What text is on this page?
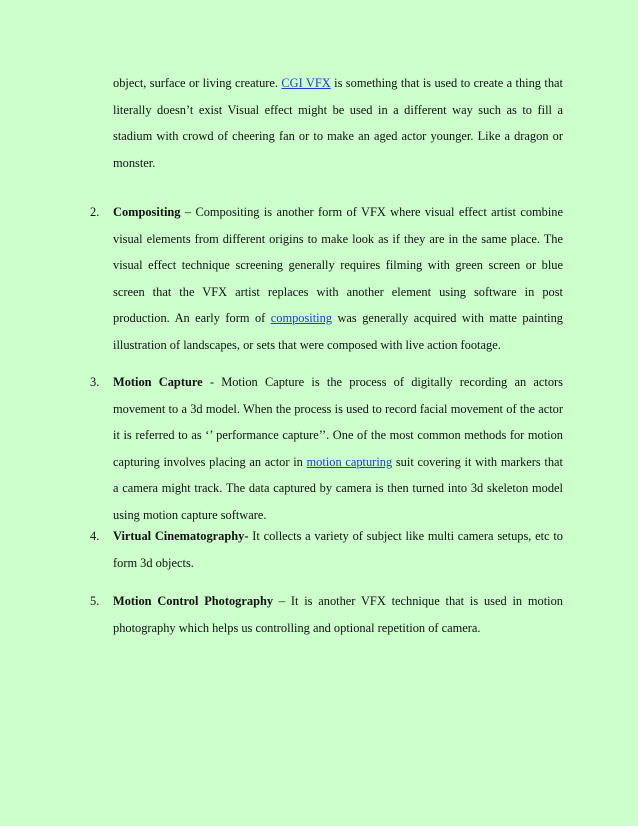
object, surface or living creature. CGI VFX is something that is used to create a thing that literally doesn’t exist Visual effect might be used in a different way such as to fill a stadium with crowd of cheering fan or to make an aged actor younger. Like a dragon or monster.
2.	Compositing – Compositing is another form of VFX where visual effect artist combine visual elements from different origins to make look as if they are in the same place. The visual effect technique screening generally requires filming with green screen or blue screen that the VFX artist replaces with another element using software in post production. An early form of compositing was generally acquired with matte painting illustration of landscapes, or sets that were composed with live action footage.
3.	Motion Capture - Motion Capture is the process of digitally recording an actors movement to a 3d model. When the process is used to record facial movement of the actor it is referred to as ‘’ performance capture’’. One of the most common methods for motion capturing involves placing an actor in motion capturing suit covering it with markers that a camera might track. The data captured by camera is then turned into 3d skeleton model using motion capture software.
4.	Virtual Cinematography- It collects a variety of subject like multi camera setups, etc to form 3d objects.
5.	Motion Control Photography – It is another VFX technique that is used in motion photography which helps us controlling and optional repetition of camera.
